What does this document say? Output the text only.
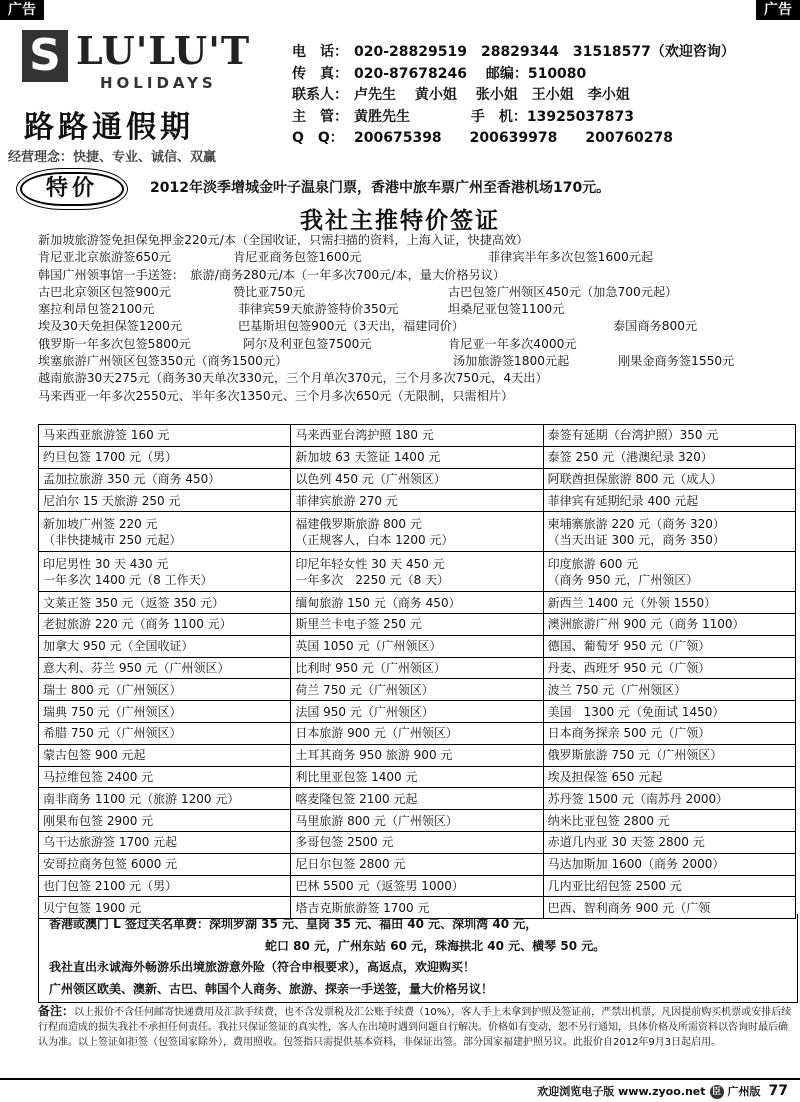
广告	广告
S LU'LU'T
HOLIDAYS
路路通假期
经营理念：快捷、专业、诚信、双赢
电　话： 020-28829519　28829344　31518577（欢迎咨询）
传　真： 020-87678246　 邮编：510080
联系人： 卢先生　 黄小姐　 张小姐　王小姐　李小姐
主　管： 黄胜先生　　　　 手　机：13925037873
Q　Q： 200675398　　200639978　　200760278
特价	2012年淡季增城金叶子温泉门票，香港中旅车票广州至香港机场170元。
我社主推特价签证
新加坡旅游签免担保免押金220元/本（全国收证，只需扫描的资料，上海入证，快捷高效）
肯尼亚北京旅游签650元	肯尼亚商务包签1600元	菲律宾半年多次包签1600元起
韩国广州领事馆一手送签：　旅游/商务280元/本（一年多次700元/本，量大价格另议）
古巴北京领区包签900元	赞比亚750元	古巴包签广州领区450元（加急700元起）
塞拉利昂包签2100元	菲律宾59天旅游签特价350元	坦桑尼亚包签1100元
埃及30天免担保签1200元	巴基斯坦包签900元（3天出，福建同价）	泰国商务800元
俄罗斯一年多次包签5800元	阿尔及利亚包签7500元	肯尼亚一年多次4000元
埃塞旅游广州领区包签350元（商务1500元）	汤加旅游签1800元起	刚果金商务签1550元
越南旅游30天275元（商务30天单次330元，三个月单次370元，三个月多次750元，4天出）
马来西亚一年多次2550元、半年多次1350元、三个月多次650元（无限制，只需相片）
马来西亚旅游签 160 元	马来西亚台湾护照 180 元	泰签有延期（台湾护照）350 元

约旦包签 1700 元（男）	新加坡 63 天签证 1400 元	泰签 250 元（港澳纪录 320）

孟加拉旅游 350 元（商务 450）	以色列 450 元（广州领区）	阿联酋担保旅游 800 元（成人）

尼泊尔 15 天旅游 250 元	菲律宾旅游 270 元	菲律宾有延期纪录 400 元起

新加坡广州签 220 元
（非快捷城市 250 元起）	福建俄罗斯旅游 800 元
（正规客人，白本 1200 元）	柬埔寨旅游 220 元（商务 320）
（当天出证 300 元，商务 350）

印尼男性 30 天 430 元
一年多次 1400 元（8 工作天）	印尼年轻女性 30 天 450 元
一年多次　2250 元（8 天）	印度旅游 600 元
（商务 950 元，广州领区）

文莱正签 350 元（返签 350 元）	缅甸旅游 150 元（商务 450）	新西兰 1400 元（外领 1550）

老挝旅游 220 元（商务 1100 元）	斯里兰卡电子签 250 元	澳洲旅游广州 900 元（商务 1100）

加拿大 950 元（全国收证）	英国 1050 元（广州领区）	德国、葡萄牙 950 元（广领）

意大利、芬兰 950 元（广州领区）	比利时 950 元（广州领区）	丹麦、西班牙 950 元（广领）

瑞士 800 元（广州领区）	荷兰 750 元（广州领区）	波兰 750 元（广州领区）

瑞典 750 元（广州领区）	法国 950 元（广州领区）	美国　1300 元（免面试 1450）

希腊 750 元（广州领区）	日本旅游 900 元（广州领区）	日本商务探亲 500 元（广领）

蒙古包签 900 元起	土耳其商务 950 旅游 900 元	俄罗斯旅游 750 元（广州领区）

马拉维包签 2400 元	利比里亚包签 1400 元	埃及担保签 650 元起

南非商务 1100 元（旅游 1200 元）	喀麦隆包签 2100 元起	苏丹签 1500 元（南苏丹 2000）

刚果布包签 2900 元	马里旅游 800 元（广州领区）	纳米比亚包签 2800 元

乌干达旅游签 1700 元起	多哥包签 2500 元	赤道几内亚 30 天签 2800 元

安哥拉商务包签 6000 元	尼日尔包签 2800 元	马达加斯加 1600（商务 2000）

也门包签 2100 元（男）	巴林 5500 元（返签男 1000）	几内亚比绍包签 2500 元

贝宁包签 1900 元	塔吉克斯旅游签 1700 元	巴西、智利商务 900 元（广领
香港或澳门 L 签过关名单费：深圳罗湖 35 元、皇岗 35 元、福田 40 元、深圳湾 40 元，
蛇口 80 元，广州东站 60 元，珠海拱北 40 元、横琴 50 元。
我社直出永诚海外畅游乐出境旅游意外险（符合申根要求），高返点，欢迎购买！
广州领区欧美、澳新、古巴、韩国个人商务、旅游、探亲一手送签，量大价格另议！
备注：以上报价不含任何邮寄快递费用及汇款手续费，也不含发票税及汇公账手续费（10%），客人手上未拿到护照及签证前，严禁出机票，凡因提前购买机票或安排后续行程而造成的损失我社不承担任何责任。我社只保证签证的真实性，客人在出境时遇到问题自行解决。价格如有变动，恕不另行通知，具体价格及所需资料以咨询时最后确认为准。以上签证如拒签（包签国家除外），费用照收。包签指只需提供基本资料，非保证出签。部分国家福建护照另议。此报价自2012年9月3日起启用。
欢迎浏览电子版 www.zyoo.net 臣 广州版 77
